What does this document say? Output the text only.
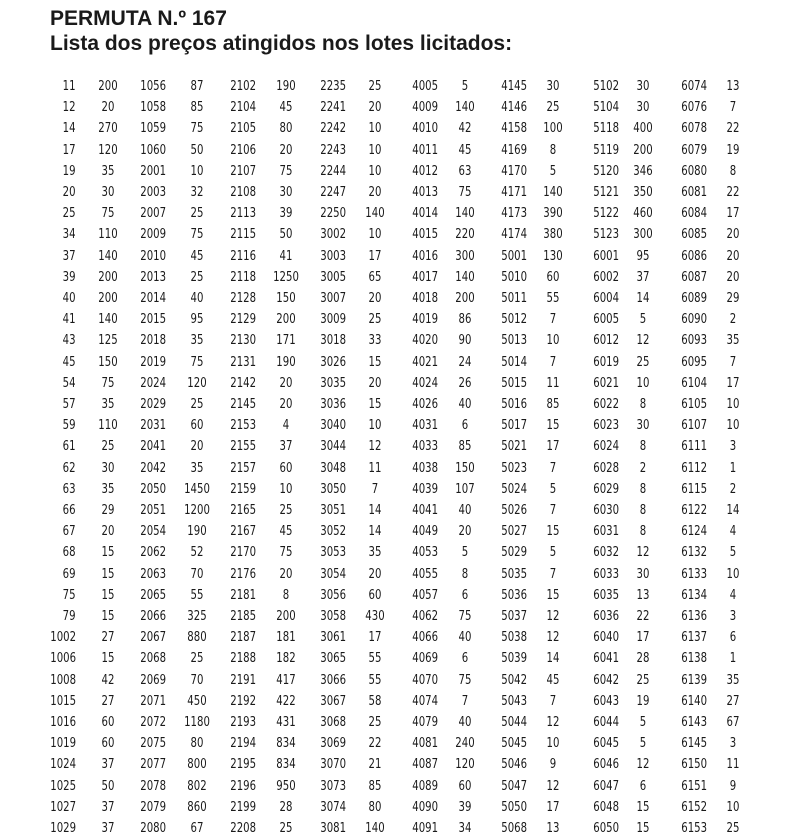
PERMUTA N.º 167
Lista dos preços atingidos nos lotes licitados:
11	200	1056	87	2102	190	2235	25	4005	5	4145	30	5102	30	6074	13
12	20	1058	85	2104	45	2241	20	4009	140	4146	25	5104	30	6076	7
14	270	1059	75	2105	80	2242	10	4010	42	4158	100	5118	400	6078	22
17	120	1060	50	2106	20	2243	10	4011	45	4169	8	5119	200	6079	19
19	35	2001	10	2107	75	2244	10	4012	63	4170	5	5120	346	6080	8
20	30	2003	32	2108	30	2247	20	4013	75	4171	140	5121	350	6081	22
25	75	2007	25	2113	39	2250	140	4014	140	4173	390	5122	460	6084	17
34	110	2009	75	2115	50	3002	10	4015	220	4174	380	5123	300	6085	20
37	140	2010	45	2116	41	3003	17	4016	300	5001	130	6001	95	6086	20
39	200	2013	25	2118 1250 3005	65	4017	140	5010	60	6002	37	6087	20
40	200	2014	40	2128	150	3007	20	4018	200	5011	55	6004	14	6089	29
41	140	2015	95	2129	200	3009	25	4019	86	5012	7	6005	5	6090	2
43	125	2018	35	2130	171	3018	33	4020	90	5013	10	6012	12	6093	35
45	150	2019	75	2131	190	3026	15	4021	24	5014	7	6019	25	6095	7
54	75	2024	120	2142	20	3035	20	4024	26	5015	11	6021	10	6104	17
57	35	2029	25	2145	20	3036	15	4026	40	5016	85	6022	8	6105	10
59	110	2031	60	2153	4	3040	10	4031	6	5017	15	6023	30	6107	10
61	25	2041	20	2155	37	3044	12	4033	85	5021	17	6024	8	6111	3
62	30	2042	35	2157	60	3048	11	4038	150	5023	7	6028	2	6112	1
63	35	2050 1450 2159	10	3050	7	4039	107	5024	5	6029	8	6115	2
66	29	2051 1200 2165	25	3051	14	4041	40	5026	7	6030	8	6122	14
67	20	2054	190	2167	45	3052	14	4049	20	5027	15	6031	8	6124	4
68	15	2062	52	2170	75	3053	35	4053	5	5029	5	6032	12	6132	5
69	15	2063	70	2176	20	3054	20	4055	8	5035	7	6033	30	6133	10
75	15	2065	55	2181	8	3056	60	4057	6	5036	15	6035	13	6134	4
79	15	2066	325	2185	200	3058	430	4062	75	5037	12	6036	22	6136	3
1002	27	2067	880	2187	181	3061	17	4066	40	5038	12	6040	17	6137	6
1006	15	2068	25	2188	182	3065	55	4069	6	5039	14	6041	28	6138	1
1008	42	2069	70	2191	417	3066	55	4070	75	5042	45	6042	25	6139	35
1015	27	2071	450	2192	422	3067	58	4074	7	5043	7	6043	19	6140	27
1016	60	2072 1180 2193	431	3068	25	4079	40	5044	12	6044	5	6143	67
1019	60	2075	80	2194	834	3069	22	4081	240	5045	10	6045	5	6145	3
1024	37	2077	800	2195	834	3070	21	4087	120	5046	9	6046	12	6150	11
1025	50	2078	802	2196	950	3073	85	4089	60	5047	12	6047	6	6151	9
1027	37	2079	860	2199	28	3074	80	4090	39	5050	17	6048	15	6152	10
1029	37	2080	67	2208	25	3081	140	4091	34	5068	13	6050	15	6153	25
